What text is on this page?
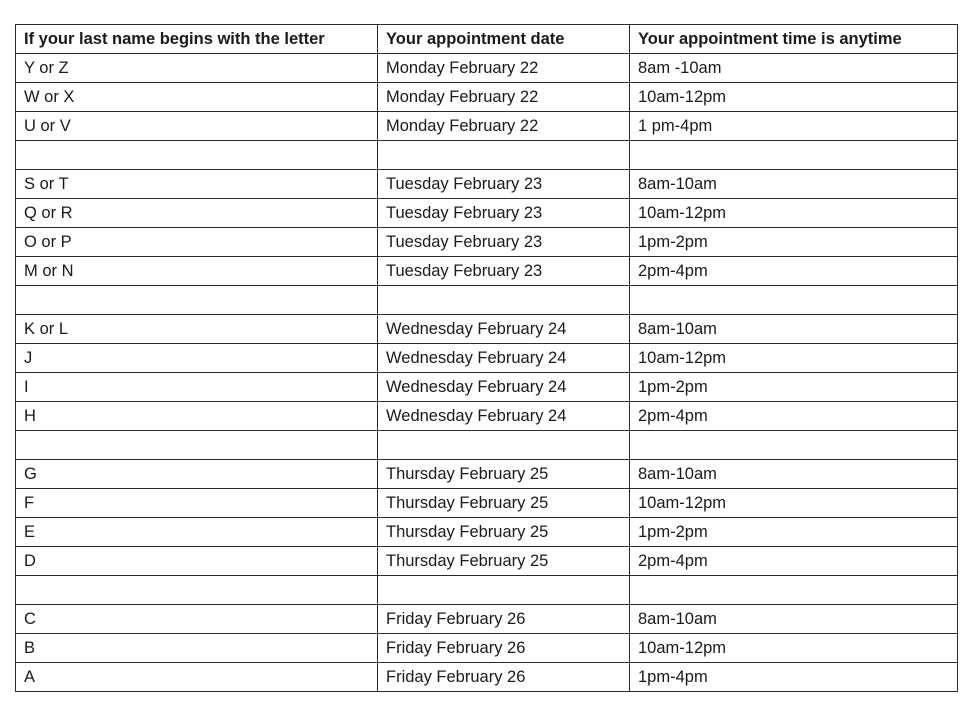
If your last name begins with the letter	Your appointment date	Your appointment time is anytime
Y or Z	Monday February 22	8am -10am
W or X	Monday February 22	10am-12pm
U or V	Monday February 22	1 pm-4pm

S or T	Tuesday February 23	8am-10am
Q or R	Tuesday February 23	10am-12pm
O or P	Tuesday February 23	1pm-2pm
M or N	Tuesday February 23	2pm-4pm

K or L	Wednesday February 24	8am-10am
J	Wednesday February 24	10am-12pm
I	Wednesday February 24	1pm-2pm
H	Wednesday February 24	2pm-4pm

G	Thursday February 25	8am-10am
F	Thursday February 25	10am-12pm
E	Thursday February 25	1pm-2pm
D	Thursday February 25	2pm-4pm

C	Friday February 26	8am-10am
B	Friday February 26	10am-12pm
A	Friday February 26	1pm-4pm
